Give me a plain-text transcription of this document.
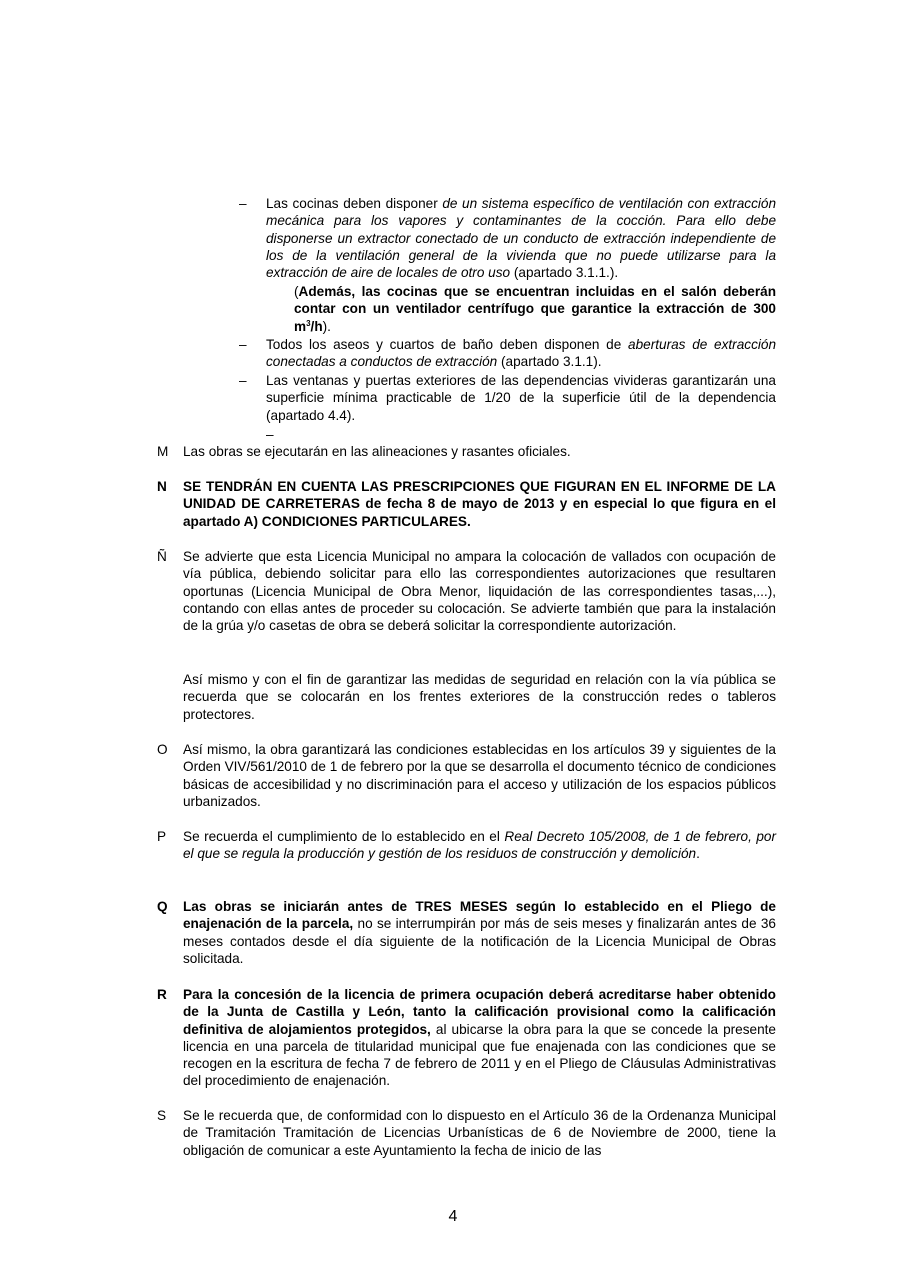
–	Las cocinas deben disponer de un sistema específico de ventilación con extracción mecánica para los vapores y contaminantes de la cocción. Para ello debe disponerse un extractor conectado de un conducto de extracción independiente de los de la ventilación general de la vivienda que no puede utilizarse para la extracción de aire de locales de otro uso (apartado 3.1.1.).

(Además, las cocinas que se encuentran incluidas en el salón deberán contar con un ventilador centrífugo que garantice la extracción de 300 $m^3/h$).

–	Todos los aseos y cuartos de baño deben disponen de aberturas de extracción conectadas a conductos de extracción (apartado 3.1.1).

–	Las ventanas y puertas exteriores de las dependencias vivideras garantizarán una superficie mínima practicable de 1/20 de la superficie útil de la dependencia (apartado 4.4).

–
M	Las obras se ejecutarán en las alineaciones y rasantes oficiales.

N	SE TENDRÁN EN CUENTA LAS PRESCRIPCIONES QUE FIGURAN EN EL INFORME DE LA UNIDAD DE CARRETERAS de fecha 8 de mayo de 2013 y en especial lo que figura en el apartado A) CONDICIONES PARTICULARES.

Ñ	Se advierte que esta Licencia Municipal no ampara la colocación de vallados con ocupación de vía pública, debiendo solicitar para ello las correspondientes autorizaciones que resultaren oportunas (Licencia Municipal de Obra Menor, liquidación de las correspondientes tasas,...), contando con ellas antes de proceder su colocación. Se advierte también que para la instalación de la grúa y/o casetas de obra se deberá solicitar la correspondiente autorización.

Así mismo y con el fin de garantizar las medidas de seguridad en relación con la vía pública se recuerda que se colocarán en los frentes exteriores de la construcción redes o tableros protectores.

O	Así mismo, la obra garantizará las condiciones establecidas en los artículos 39 y siguientes de la Orden VIV/561/2010 de 1 de febrero por la que se desarrolla el documento técnico de condiciones básicas de accesibilidad y no discriminación para el acceso y utilización de los espacios públicos urbanizados.

P	Se recuerda el cumplimiento de lo establecido en el Real Decreto 105/2008, de 1 de febrero, por el que se regula la producción y gestión de los residuos de construcción y demolición.

Q	Las obras se iniciarán antes de TRES MESES según lo establecido en el Pliego de enajenación de la parcela, no se interrumpirán por más de seis meses y finalizarán antes de 36 meses contados desde el día siguiente de la notificación de la Licencia Municipal de Obras solicitada.

R	Para la concesión de la licencia de primera ocupación deberá acreditarse haber obtenido de la Junta de Castilla y León, tanto la calificación provisional como la calificación definitiva de alojamientos protegidos, al ubicarse la obra para la que se concede la presente licencia en una parcela de titularidad municipal que fue enajenada con las condiciones que se recogen en la escritura de fecha 7 de febrero de 2011 y en el Pliego de Cláusulas Administrativas del procedimiento de enajenación.

S	Se le recuerda que, de conformidad con lo dispuesto en el Artículo 36 de la Ordenanza Municipal de Tramitación Tramitación de Licencias Urbanísticas de 6 de Noviembre de 2000, tiene la obligación de comunicar a este Ayuntamiento la fecha de inicio de las

4
